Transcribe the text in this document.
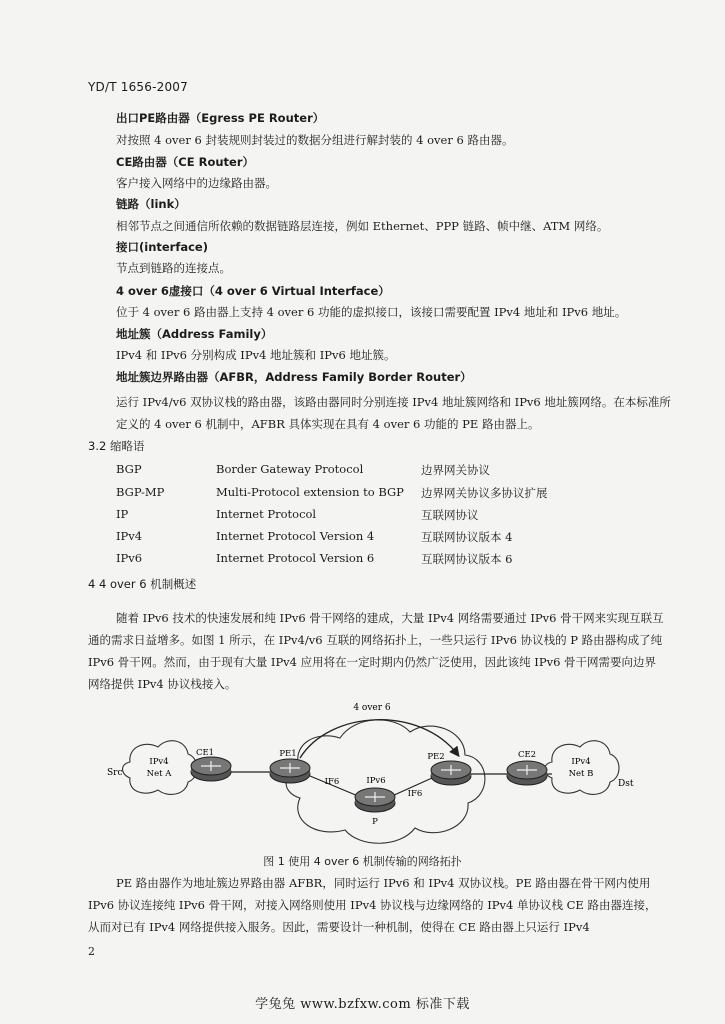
YD/T 1656-2007
出口PE路由器（Egress PE Router）
对按照 4 over 6 封装规则封装过的数据分组进行解封装的 4 over 6 路由器。
CE路由器（CE Router）
客户接入网络中的边缘路由器。
链路（link）
相邻节点之间通信所依赖的数据链路层连接，例如 Ethernet、PPP 链路、帧中继、ATM 网络。
接口(interface)
节点到链路的连接点。
4 over 6虚接口（4 over 6 Virtual Interface）
位于 4 over 6 路由器上支持 4 over 6 功能的虚拟接口，该接口需要配置 IPv4 地址和 IPv6 地址。
地址簇（Address Family）
IPv4 和 IPv6 分别构成 IPv4 地址簇和 IPv6 地址簇。
地址簇边界路由器（AFBR，Address Family Border Router）
运行 IPv4/v6 双协议栈的路由器，该路由器同时分别连接 IPv4 地址簇网络和 IPv6 地址簇网络。在本标准所定义的 4 over 6 机制中，AFBR 具体实现在具有 4 over 6 功能的 PE 路由器上。
3.2 缩略语
BGP	Border Gateway Protocol	边界网关协议
BGP-MP	Multi-Protocol extension to BGP 边界网关协议多协议扩展
IP	Internet Protocol	互联网协议
IPv4	Internet Protocol Version 4	互联网协议版本 4
IPv6	Internet Protocol Version 6	互联网协议版本 6
4 4 over 6 机制概述
随着 IPv6 技术的快速发展和纯 IPv6 骨干网络的建成，大量 IPv4 网络需要通过 IPv6 骨干网来实现互联互通的需求日益增多。如图 1 所示，在 IPv4/v6 互联的网络拓扑上，一些只运行 IPv6 协议栈的 P 路由器构成了纯 IPv6 骨干网。然而，由于现有大量 IPv4 应用将在一定时期内仍然广泛使用，因此该纯 IPv6 骨干网需要向边界网络提供 IPv4 协议栈接入。
4 over 6
Src
Dst
IPv4
Net A
IPv4
Net B
CE1	PE1	PE2	CE2
IPv6
IF6
IF6
P
图 1 使用 4 over 6 机制传输的网络拓扑
PE 路由器作为地址簇边界路由器 AFBR，同时运行 IPv6 和 IPv4 双协议栈。PE 路由器在骨干网内使用 IPv6 协议连接纯 IPv6 骨干网，对接入网络则使用 IPv4 协议栈与边缘网络的 IPv4 单协议栈 CE 路由器连接，从而对已有 IPv4 网络提供接入服务。因此，需要设计一种机制，使得在 CE 路由器上只运行 IPv4
2
学兔兔 www.bzfxw.com 标准下载
